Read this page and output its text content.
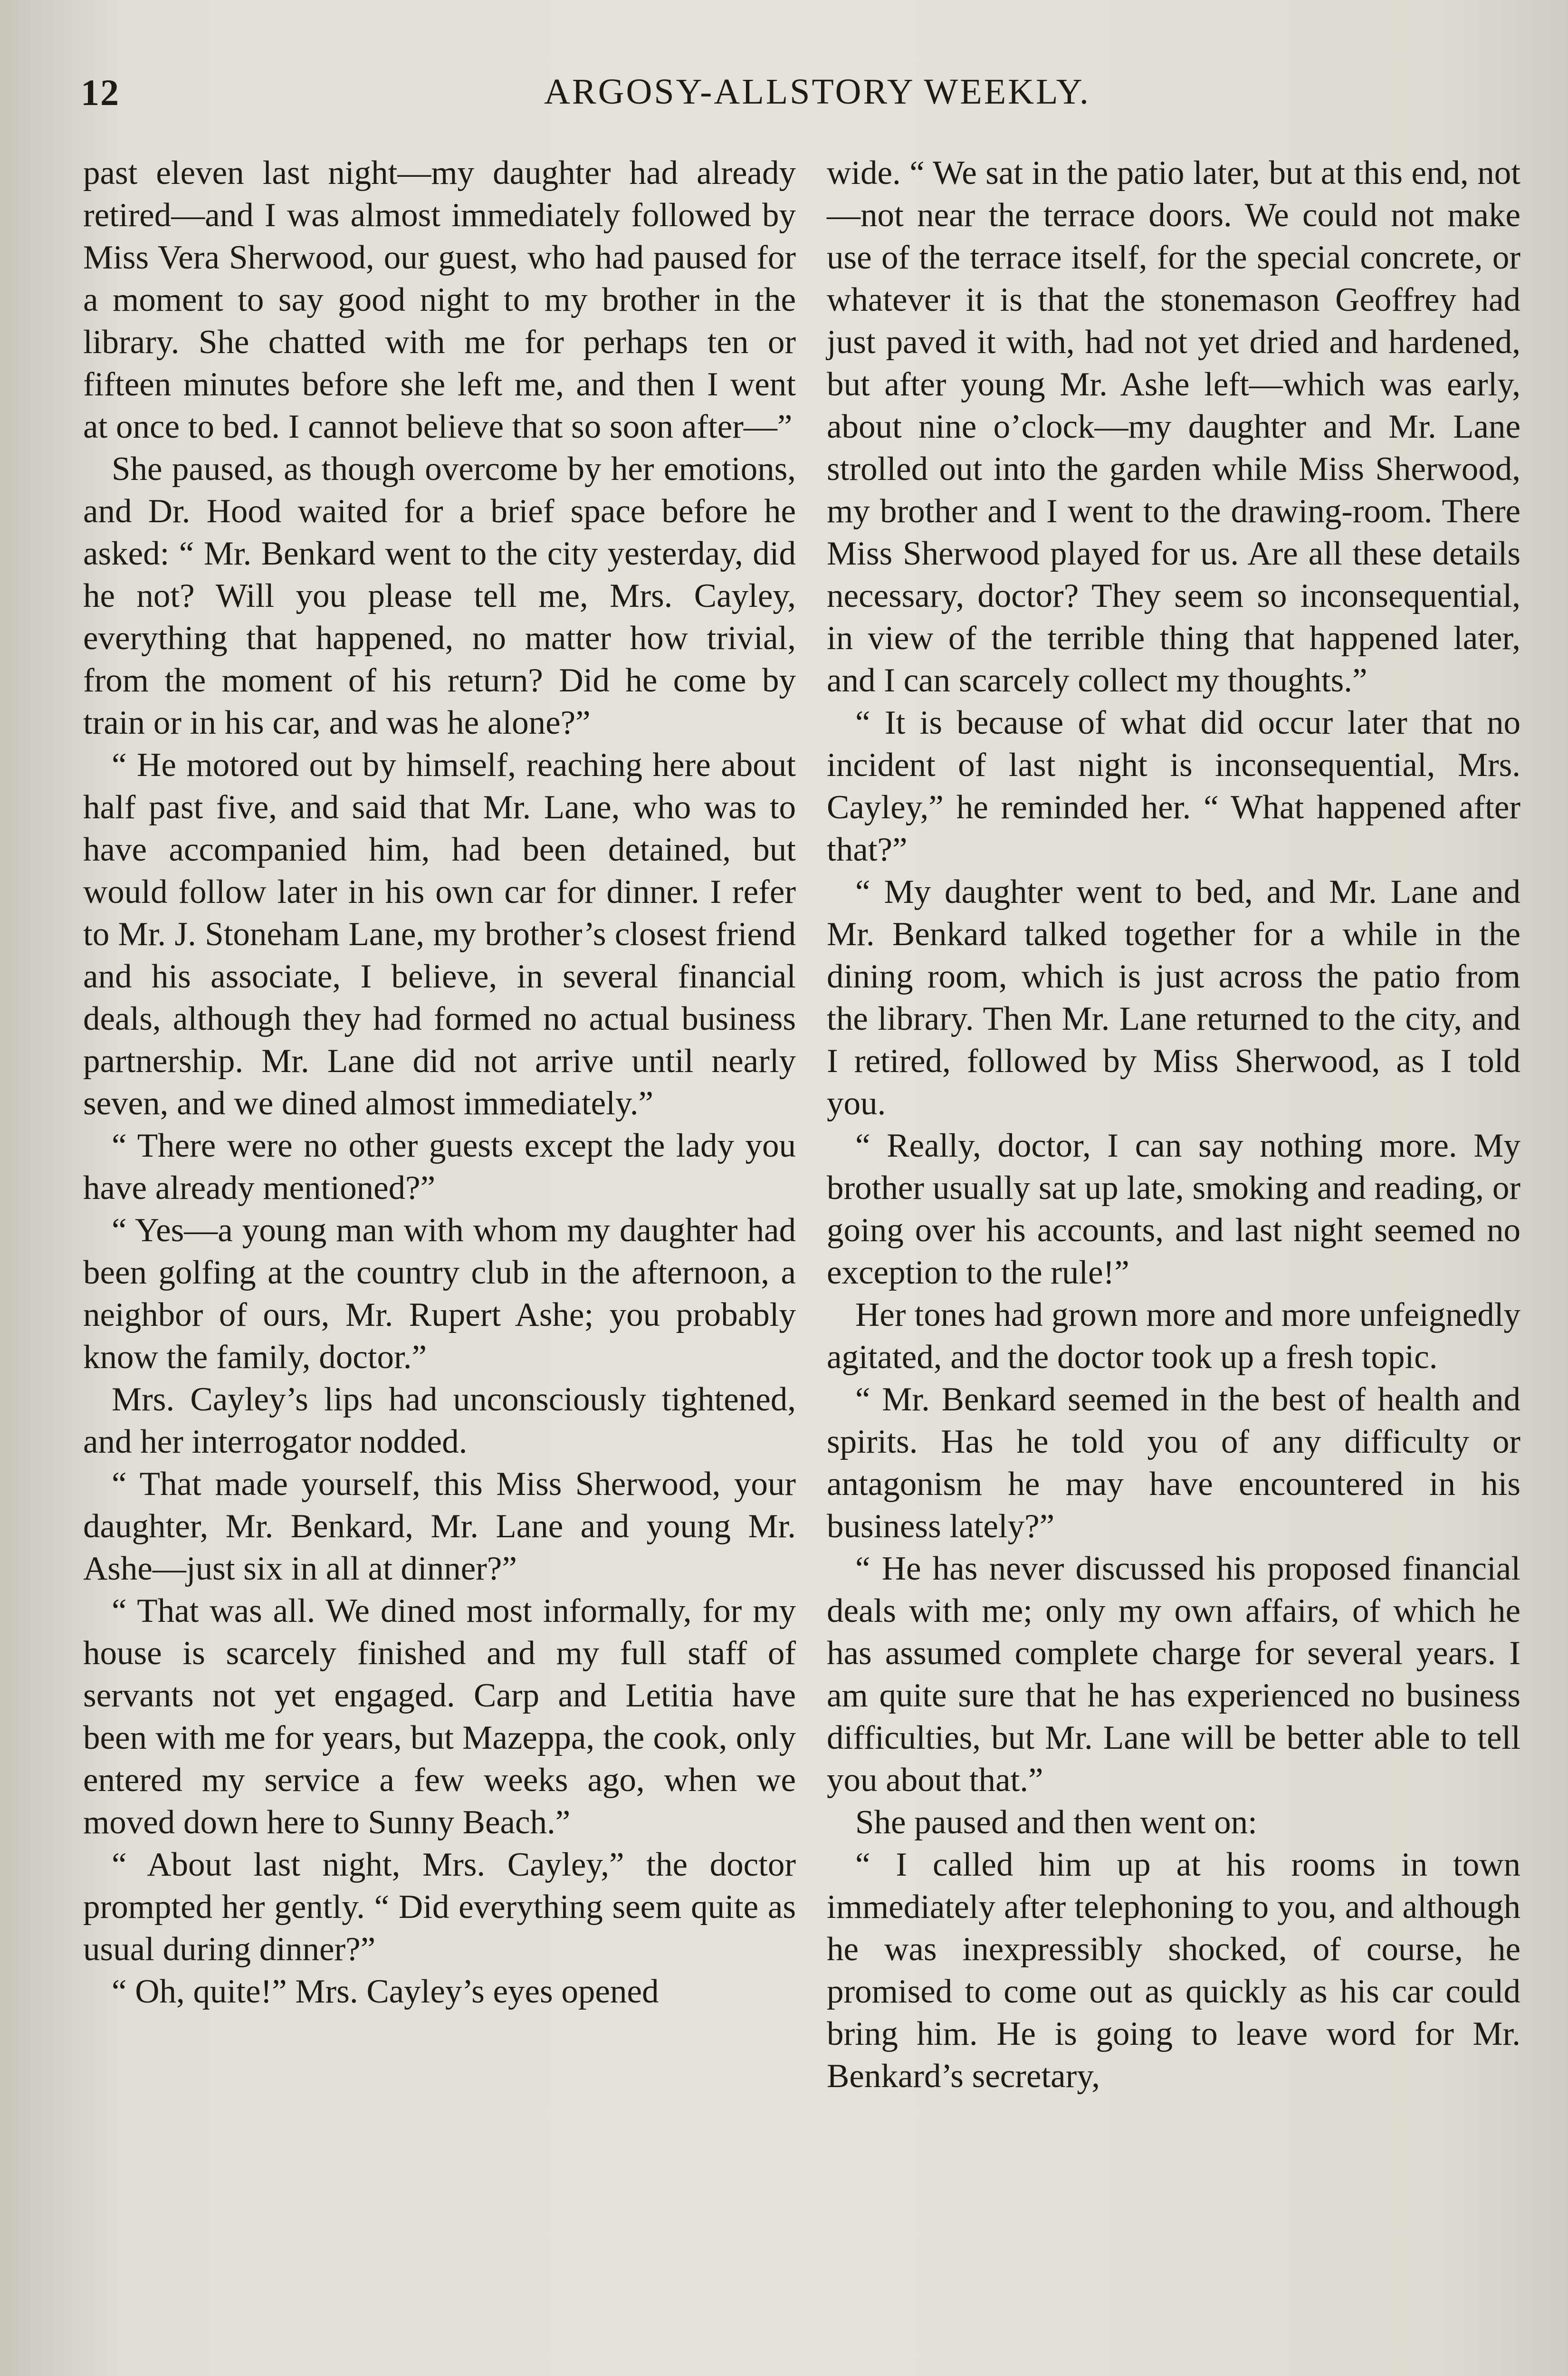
12	ARGOSY-ALLSTORY WEEKLY.

past eleven last night—my daughter had already retired—and I was almost immediately followed by Miss Vera Sherwood, our guest, who had paused for a moment to say good night to my brother in the library. She chatted with me for perhaps ten or fifteen minutes before she left me, and then I went at once to bed. I cannot believe that so soon after—”

She paused, as though overcome by her emotions, and Dr. Hood waited for a brief space before he asked: “ Mr. Benkard went to the city yesterday, did he not? Will you please tell me, Mrs. Cayley, everything that happened, no matter how trivial, from the moment of his return? Did he come by train or in his car, and was he alone?”

“ He motored out by himself, reaching here about half past five, and said that Mr. Lane, who was to have accompanied him, had been detained, but would follow later in his own car for dinner. I refer to Mr. J. Stoneham Lane, my brother’s closest friend and his associate, I believe, in several financial deals, although they had formed no actual business partnership. Mr. Lane did not arrive until nearly seven, and we dined almost immediately.”

“ There were no other guests except the lady you have already mentioned?”

“ Yes—a young man with whom my daughter had been golfing at the country club in the afternoon, a neighbor of ours, Mr. Rupert Ashe; you probably know the family, doctor.”

Mrs. Cayley’s lips had unconsciously tightened, and her interrogator nodded.

“ That made yourself, this Miss Sherwood, your daughter, Mr. Benkard, Mr. Lane and young Mr. Ashe—just six in all at dinner?”

“ That was all. We dined most informally, for my house is scarcely finished and my full staff of servants not yet engaged. Carp and Letitia have been with me for years, but Mazeppa, the cook, only entered my service a few weeks ago, when we moved down here to Sunny Beach.”

“ About last night, Mrs. Cayley,” the doctor prompted her gently. “ Did everything seem quite as usual during dinner?”

“ Oh, quite!” Mrs. Cayley’s eyes opened

wide. “ We sat in the patio later, but at this end, not—not near the terrace doors. We could not make use of the terrace itself, for the special concrete, or whatever it is that the stonemason Geoffrey had just paved it with, had not yet dried and hardened, but after young Mr. Ashe left—which was early, about nine o’clock—my daughter and Mr. Lane strolled out into the garden while Miss Sherwood, my brother and I went to the drawing-room. There Miss Sherwood played for us. Are all these details necessary, doctor? They seem so inconsequential, in view of the terrible thing that happened later, and I can scarcely collect my thoughts.”

“ It is because of what did occur later that no incident of last night is inconsequential, Mrs. Cayley,” he reminded her. “ What happened after that?”

“ My daughter went to bed, and Mr. Lane and Mr. Benkard talked together for a while in the dining room, which is just across the patio from the library. Then Mr. Lane returned to the city, and I retired, followed by Miss Sherwood, as I told you.

“ Really, doctor, I can say nothing more. My brother usually sat up late, smoking and reading, or going over his accounts, and last night seemed no exception to the rule!”

Her tones had grown more and more unfeignedly agitated, and the doctor took up a fresh topic.

“ Mr. Benkard seemed in the best of health and spirits. Has he told you of any difficulty or antagonism he may have encountered in his business lately?”

“ He has never discussed his proposed financial deals with me; only my own affairs, of which he has assumed complete charge for several years. I am quite sure that he has experienced no business difficulties, but Mr. Lane will be better able to tell you about that.”

She paused and then went on:

“ I called him up at his rooms in town immediately after telephoning to you, and although he was inexpressibly shocked, of course, he promised to come out as quickly as his car could bring him. He is going to leave word for Mr. Benkard’s secretary,
